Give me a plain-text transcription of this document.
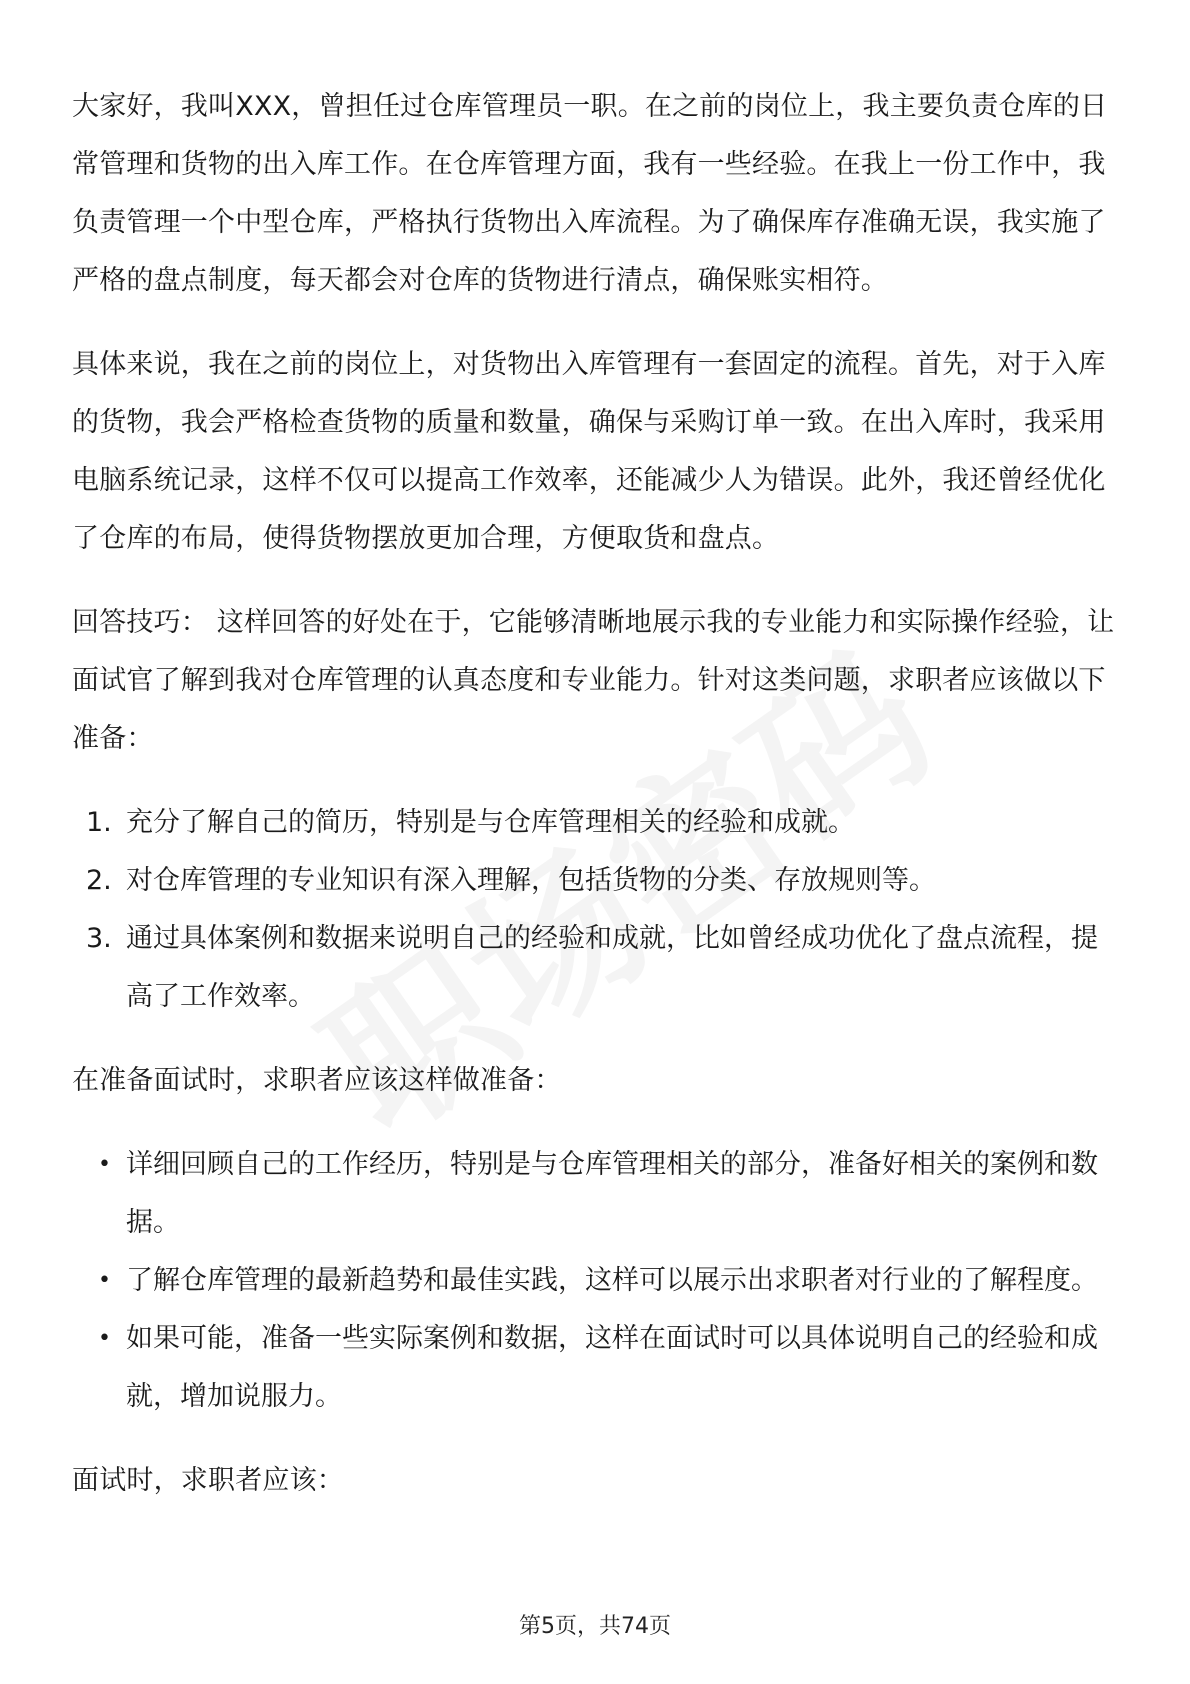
大家好，我叫XXX，曾担任过仓库管理员一职。在之前的岗位上，我主要负责仓库的日常管理和货物的出入库工作。在仓库管理方面，我有一些经验。在我上一份工作中，我负责管理一个中型仓库，严格执行货物出入库流程。为了确保库存准确无误，我实施了严格的盘点制度，每天都会对仓库的货物进行清点，确保账实相符。

具体来说，我在之前的岗位上，对货物出入库管理有一套固定的流程。首先，对于入库的货物，我会严格检查货物的质量和数量，确保与采购订单一致。在出入库时，我采用电脑系统记录，这样不仅可以提高工作效率，还能减少人为错误。此外，我还曾经优化了仓库的布局，使得货物摆放更加合理，方便取货和盘点。

回答技巧： 这样回答的好处在于，它能够清晰地展示我的专业能力和实际操作经验，让面试官了解到我对仓库管理的认真态度和专业能力。针对这类问题，求职者应该做以下准备：

1. 充分了解自己的简历，特别是与仓库管理相关的经验和成就。
2. 对仓库管理的专业知识有深入理解，包括货物的分类、存放规则等。
3. 通过具体案例和数据来说明自己的经验和成就，比如曾经成功优化了盘点流程，提高了工作效率。

在准备面试时，求职者应该这样做准备：

• 详细回顾自己的工作经历，特别是与仓库管理相关的部分，准备好相关的案例和数据。
• 了解仓库管理的最新趋势和最佳实践，这样可以展示出求职者对行业的了解程度。
• 如果可能，准备一些实际案例和数据，这样在面试时可以具体说明自己的经验和成就，增加说服力。

面试时，求职者应该：

第5页，共74页
